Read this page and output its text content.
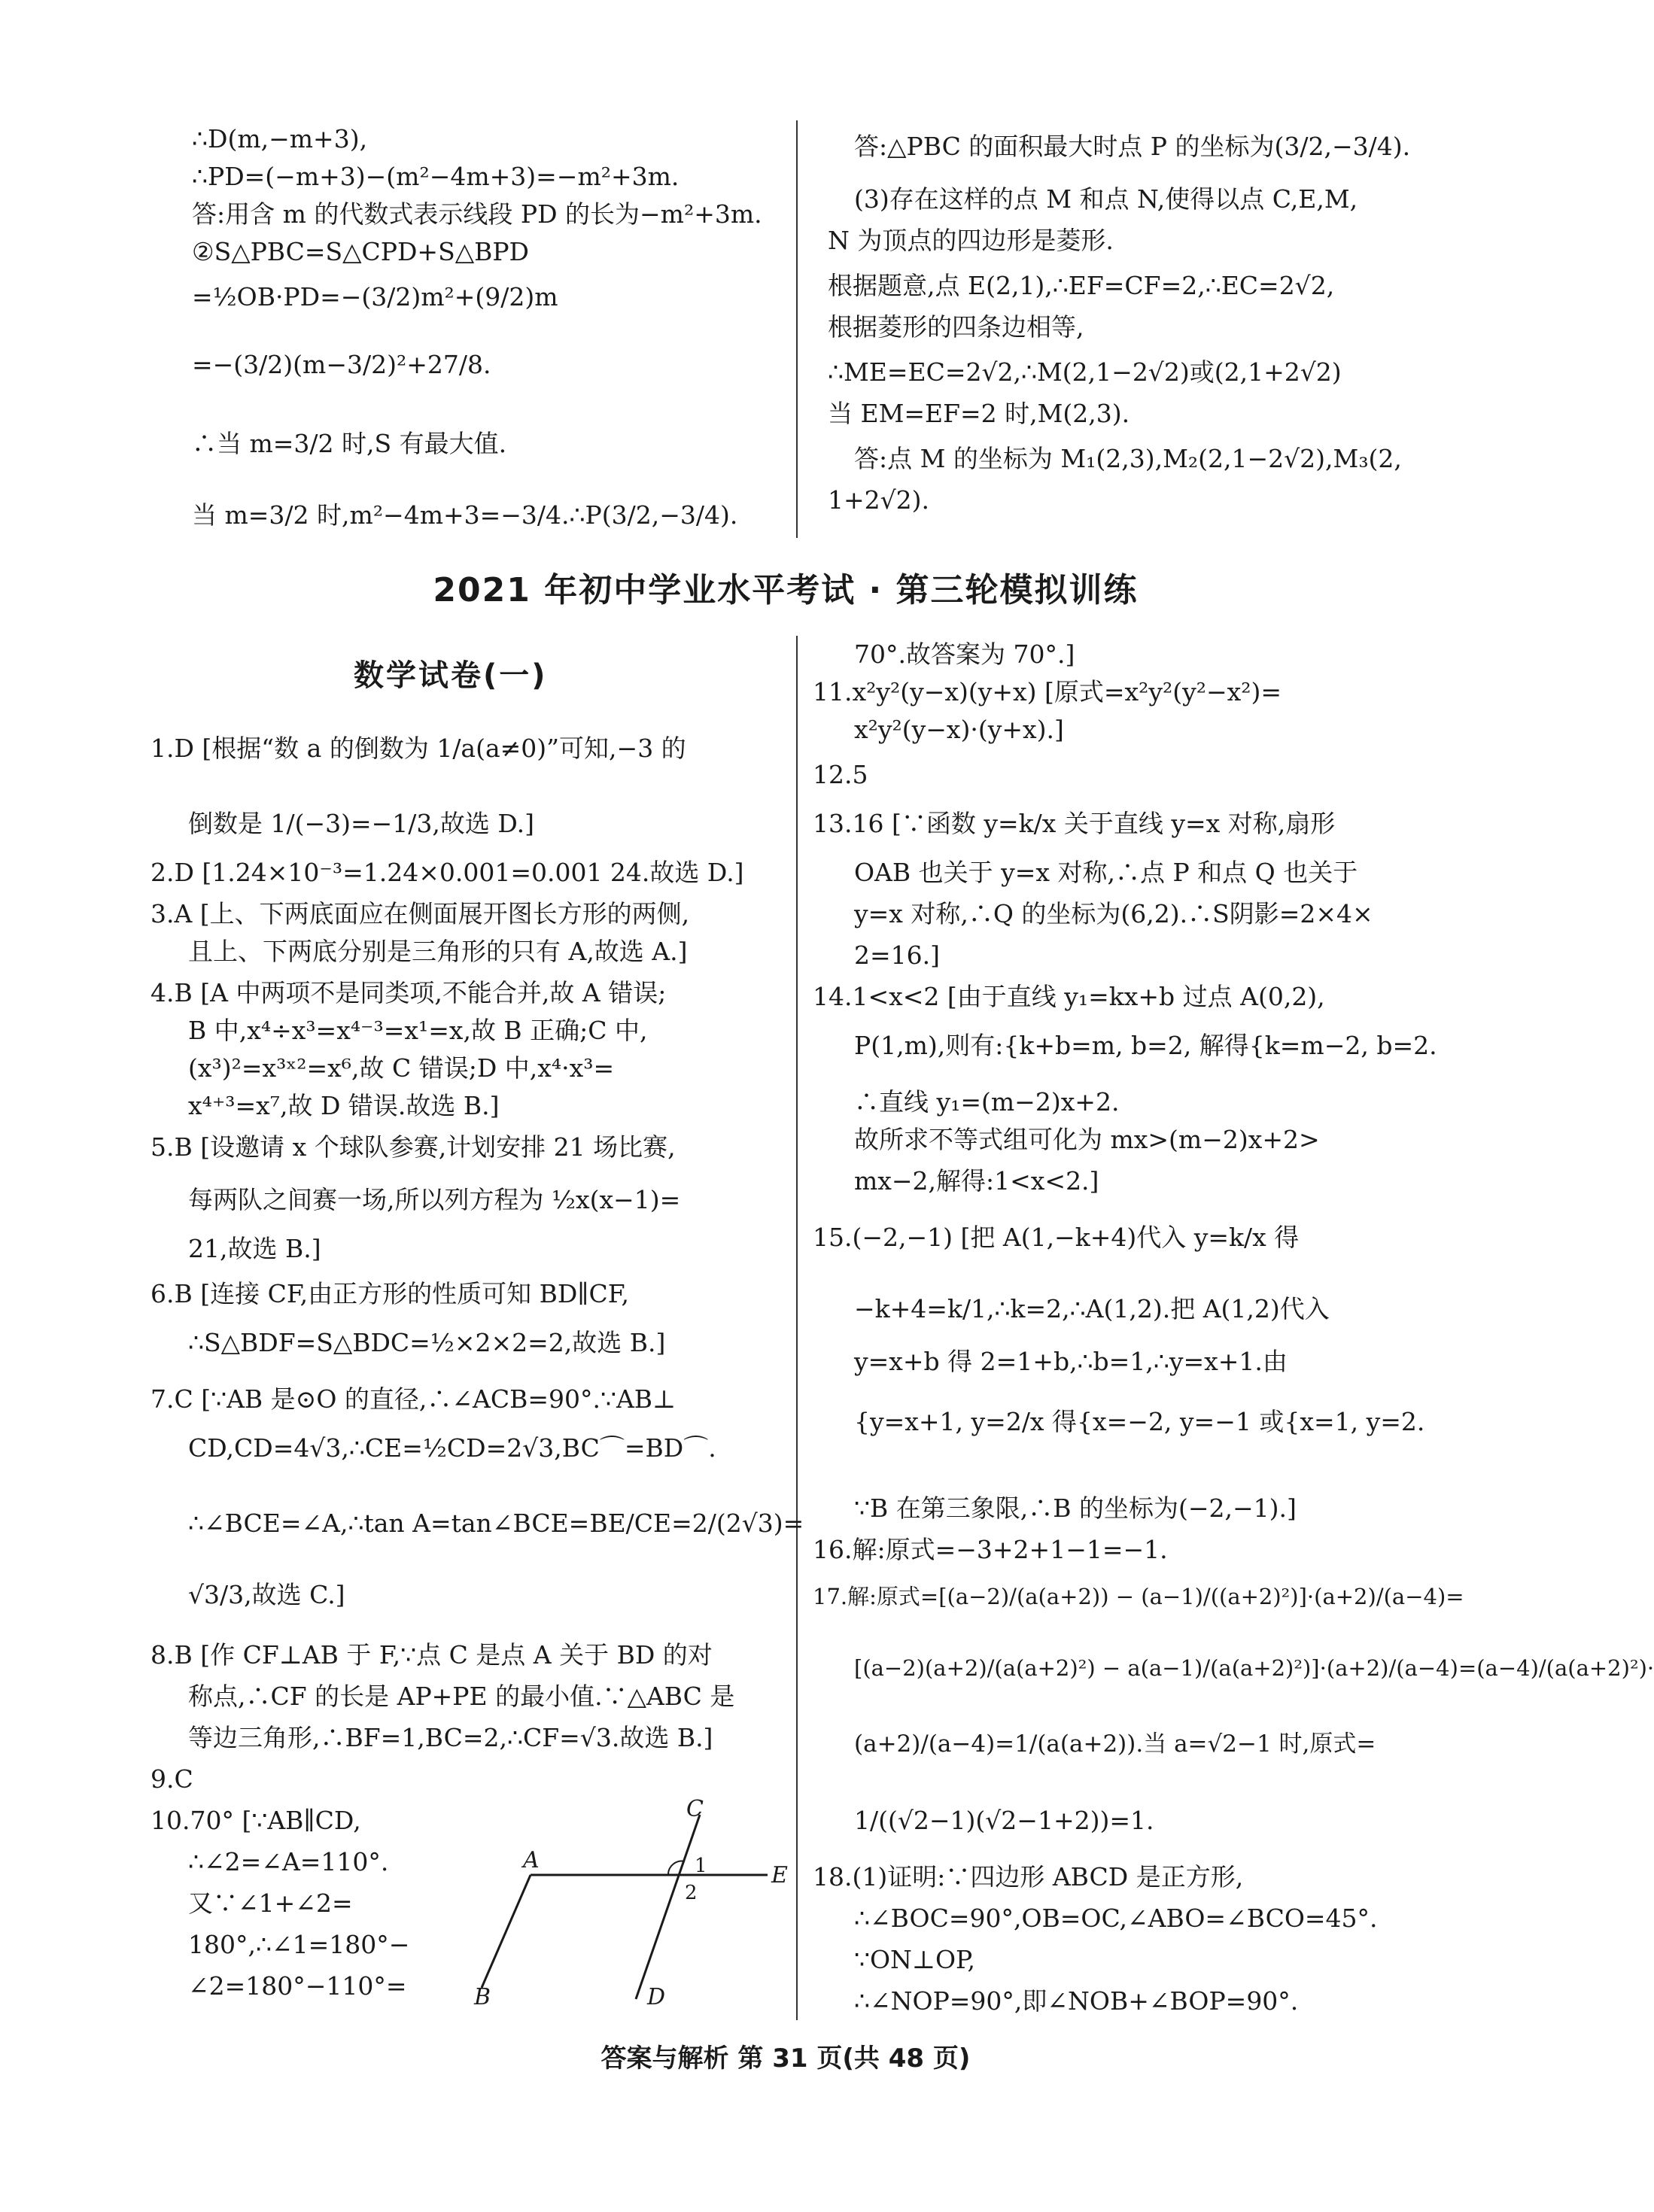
∴D(m,−m+3),
∴PD=(−m+3)−(m²−4m+3)=−m²+3m.
答:用含 m 的代数式表示线段 PD 的长为−m²+3m.
②S△PBC=S△CPD+S△BPD
=½OB·PD=−(3/2)m²+(9/2)m
=−(3/2)(m−3/2)²+27/8.
∴当 m=3/2 时,S 有最大值.
当 m=3/2 时,m²−4m+3=−3/4.∴P(3/2,−3/4).
答:△PBC 的面积最大时点 P 的坐标为(3/2,−3/4).
(3)存在这样的点 M 和点 N,使得以点 C,E,M,
N 为顶点的四边形是菱形.
根据题意,点 E(2,1),∴EF=CF=2,∴EC=2√2,
根据菱形的四条边相等,
∴ME=EC=2√2,∴M(2,1−2√2)或(2,1+2√2)
当 EM=EF=2 时,M(2,3).
答:点 M 的坐标为 M₁(2,3),M₂(2,1−2√2),M₃(2,
1+2√2).
2021 年初中学业水平考试 · 第三轮模拟训练
数学试卷(一)
1.D [根据“数 a 的倒数为 1/a(a≠0)”可知,−3 的
倒数是 1/(−3)=−1/3,故选 D.]
2.D [1.24×10⁻³=1.24×0.001=0.001 24.故选 D.]
3.A [上、下两底面应在侧面展开图长方形的两侧,
且上、下两底分别是三角形的只有 A,故选 A.]
4.B [A 中两项不是同类项,不能合并,故 A 错误;
B 中,x⁴÷x³=x⁴⁻³=x¹=x,故 B 正确;C 中,
(x³)²=x³ˣ²=x⁶,故 C 错误;D 中,x⁴·x³=
x⁴⁺³=x⁷,故 D 错误.故选 B.]
5.B [设邀请 x 个球队参赛,计划安排 21 场比赛,
每两队之间赛一场,所以列方程为 ½x(x−1)=
21,故选 B.]
6.B [连接 CF,由正方形的性质可知 BD∥CF,
∴S△BDF=S△BDC=½×2×2=2,故选 B.]
7.C [∵AB 是⊙O 的直径,∴∠ACB=90°.∵AB⊥
CD,CD=4√3,∴CE=½CD=2√3,BC⌒=BD⌒.
∴∠BCE=∠A,∴tan A=tan∠BCE=BE/CE=2/(2√3)=
√3/3,故选 C.]
8.B [作 CF⊥AB 于 F,∵点 C 是点 A 关于 BD 的对
称点,∴CF 的长是 AP+PE 的最小值.∵△ABC 是
等边三角形,∴BF=1,BC=2,∴CF=√3.故选 B.]
9.C
10.70° [∵AB∥CD,
∴∠2=∠A=110°.
又∵∠1+∠2=
180°,∴∠1=180°−
∠2=180°−110°=
C
A
E
B	D
1
2
70°.故答案为 70°.]
11.x²y²(y−x)(y+x) [原式=x²y²(y²−x²)=
x²y²(y−x)·(y+x).]
12.5
13.16 [∵函数 y=k/x 关于直线 y=x 对称,扇形
OAB 也关于 y=x 对称,∴点 P 和点 Q 也关于
y=x 对称,∴Q 的坐标为(6,2).∴S阴影=2×4×
2=16.]
14.1<x<2 [由于直线 y₁=kx+b 过点 A(0,2),
P(1,m),则有:{k+b=m, b=2, 解得{k=m−2, b=2.
∴直线 y₁=(m−2)x+2.
故所求不等式组可化为 mx>(m−2)x+2>
mx−2,解得:1<x<2.]
15.(−2,−1) [把 A(1,−k+4)代入 y=k/x 得
−k+4=k/1,∴k=2,∴A(1,2).把 A(1,2)代入
y=x+b 得 2=1+b,∴b=1,∴y=x+1.由
{y=x+1, y=2/x 得{x=−2, y=−1 或{x=1, y=2.
∵B 在第三象限,∴B 的坐标为(−2,−1).]
16.解:原式=−3+2+1−1=−1.
17.解:原式=[(a−2)/(a(a+2)) − (a−1)/((a+2)²)]·(a+2)/(a−4)=
[(a−2)(a+2)/(a(a+2)²) − a(a−1)/(a(a+2)²)]·(a+2)/(a−4)=(a−4)/(a(a+2)²)·
(a+2)/(a−4)=1/(a(a+2)).当 a=√2−1 时,原式=
1/((√2−1)(√2−1+2))=1.
18.(1)证明:∵四边形 ABCD 是正方形,
∴∠BOC=90°,OB=OC,∠ABO=∠BCO=45°.
∵ON⊥OP,
∴∠NOP=90°,即∠NOB+∠BOP=90°.
答案与解析 第 31 页(共 48 页)
